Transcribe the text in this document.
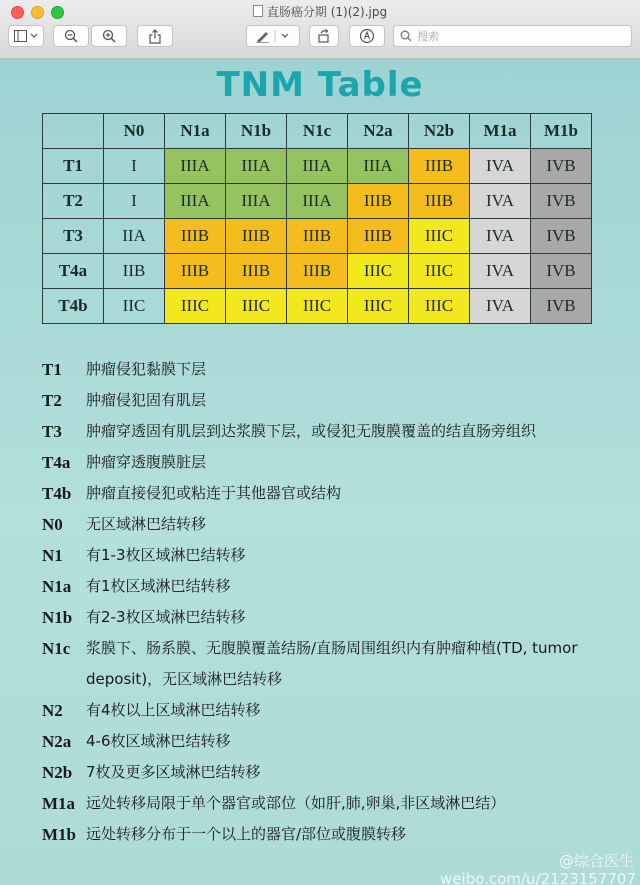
直肠癌分期 (1)(2).jpg
搜索
TNM Table
	N0	N1a	N1b	N1c	N2a	N2b	M1a	M1b
T1	I	IIIA	IIIA	IIIA	IIIA	IIIB	IVA	IVB
T2	I	IIIA	IIIA	IIIA	IIIB	IIIB	IVA	IVB
T3	IIA	IIIB	IIIB	IIIB	IIIB	IIIC	IVA	IVB
T4a	IIB	IIIB	IIIB	IIIB	IIIC	IIIC	IVA	IVB
T4b	IIC	IIIC	IIIC	IIIC	IIIC	IIIC	IVA	IVB
T1	肿瘤侵犯黏膜下层
T2	肿瘤侵犯固有肌层
T3	肿瘤穿透固有肌层到达浆膜下层，或侵犯无腹膜覆盖的结直肠旁组织
T4a	肿瘤穿透腹膜脏层
T4b 肿瘤直接侵犯或粘连于其他器官或结构
N0	无区域淋巴结转移
N1	有1-3枚区域淋巴结转移
N1a 有1枚区域淋巴结转移
N1b 有2-3枚区域淋巴结转移
N1c	浆膜下、肠系膜、无腹膜覆盖结肠/直肠周围组织内有肿瘤种植(TD, tumor deposit)，无区域淋巴结转移
N2	有4枚以上区域淋巴结转移
N2a 4-6枚区域淋巴结转移
N2b 7枚及更多区域淋巴结转移
M1a 远处转移局限于单个器官或部位（如肝,肺,卵巢,非区域淋巴结）
M1b 远处转移分布于一个以上的器官/部位或腹膜转移
@综合医生
weibo.com/u/2123157707
